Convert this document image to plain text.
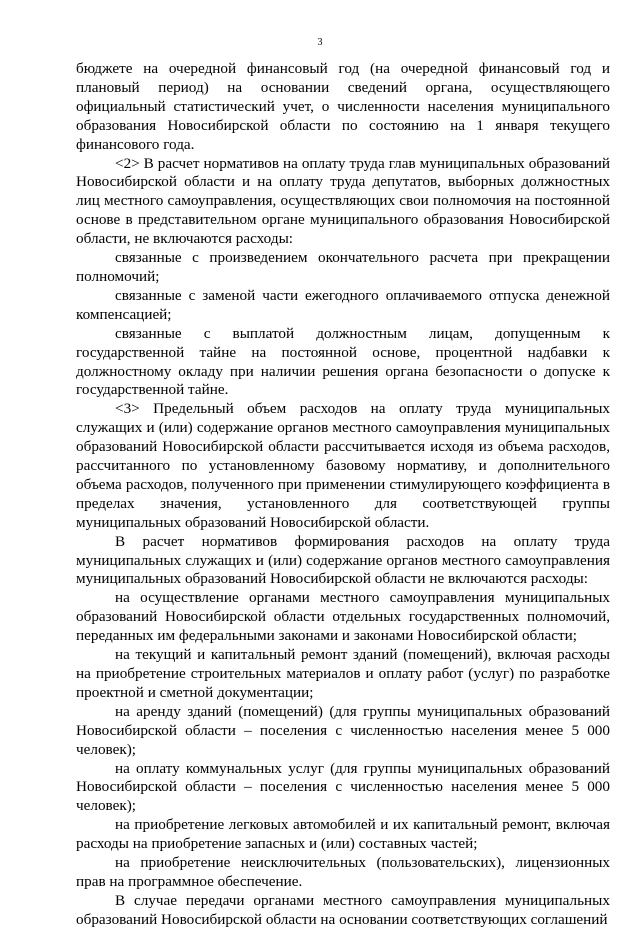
3

бюджете на очередной финансовый год (на очередной финансовый год и плановый период) на основании сведений органа, осуществляющего официальный статистический учет, о численности населения муниципального образования Новосибирской области по состоянию на 1 января текущего финансового года.

<2> В расчет нормативов на оплату труда глав муниципальных образований Новосибирской области и на оплату труда депутатов, выборных должностных лиц местного самоуправления, осуществляющих свои полномочия на постоянной основе в представительном органе муниципального образования Новосибирской области, не включаются расходы:

связанные с произведением окончательного расчета при прекращении полномочий;

связанные с заменой части ежегодного оплачиваемого отпуска денежной компенсацией;

связанные с выплатой должностным лицам, допущенным к государственной тайне на постоянной основе, процентной надбавки к должностному окладу при наличии решения органа безопасности о допуске к государственной тайне.

<3> Предельный объем расходов на оплату труда муниципальных служащих и (или) содержание органов местного самоуправления муниципальных образований Новосибирской области рассчитывается исходя из объема расходов, рассчитанного по установленному базовому нормативу, и дополнительного объема расходов, полученного при применении стимулирующего коэффициента в пределах значения, установленного для соответствующей группы муниципальных образований Новосибирской области.

В расчет нормативов формирования расходов на оплату труда муниципальных служащих и (или) содержание органов местного самоуправления муниципальных образований Новосибирской области не включаются расходы:

на осуществление органами местного самоуправления муниципальных образований Новосибирской области отдельных государственных полномочий, переданных им федеральными законами и законами Новосибирской области;

на текущий и капитальный ремонт зданий (помещений), включая расходы на приобретение строительных материалов и оплату работ (услуг) по разработке проектной и сметной документации;

на аренду зданий (помещений) (для группы муниципальных образований Новосибирской области – поселения с численностью населения менее 5 000 человек);

на оплату коммунальных услуг (для группы муниципальных образований Новосибирской области – поселения с численностью населения менее 5 000 человек);

на приобретение легковых автомобилей и их капитальный ремонт, включая расходы на приобретение запасных и (или) составных частей;

на приобретение неисключительных (пользовательских), лицензионных прав на программное обеспечение.

В случае передачи органами местного самоуправления муниципальных образований Новосибирской области на основании соответствующих соглашений
